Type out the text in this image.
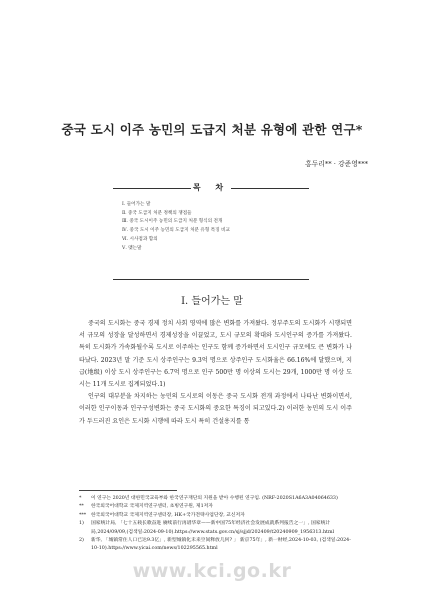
중국 도시 이주 농민의 도급지 처분 유형에 관한 연구*
홍두리** · 강준영***
목 차
Ⅰ. 들어가는 말
Ⅱ. 중국 도급지 처분 정책의 쟁점들
Ⅲ. 중국 도시이주 농민의 도급지 처분 형식의 전개
Ⅳ. 중국 도시 이주 농민의 도급지 처분 유형 특징 비교
Ⅵ. 시사점과 함의
Ⅴ. 맺는말
Ⅰ. 들어가는 말

중국의 도시화는 중국 경제 정치 사회 영역에 많은 변화를 가져왔다. 정부주도의 도시화가 시행되면서 규모의 성장을 달성하면서 경제성장을 이끌었고, 도시 규모의 확대와 도시인구의 증가를 가져왔다. 특히 도시화가 가속화될수록 도시로 이주하는 인구도 함께 증가하면서 도시인구 규모에도 큰 변화가 나타났다. 2023년 말 기준 도시 상주인구는 9.3억 명으로 상주인구 도시화율은 66.16%에 달했으며, 지급(地级) 이상 도시 상주인구는 6.7억 명으로 인구 500만 명 이상의 도시는 29개, 1000만 명 이상 도시는 11개 도시로 집계되었다.1)

인구의 대부분을 차지하는 농민의 도시로의 이동은 중국 도시화 전개 과정에서 나타난 변화이면서, 이러한 인구이동과 인구구성변화는 중국 도시화의 중요한 특징이 되고있다.2) 이러한 농민의 도시 이주가 두드러진 요인은 도시화 시행에 따라 도시 특히 건설용지를 통

*	이 연구는 2020년 대한민국교육부와 한국연구재단의 지원을 받아 수행된 연구임. (NRF-2020S1A6A3A04064633)
**	한국외국어대학교 국제지역연구센터, 초빙연구원, 제1저자
*** 한국외국어대학교 국제지역연구센터장, HK+국가전략사업단장, 교신저자
1)	国家统计局, 「七十五载长歌奋进 赓续前行再谱华章——新中国75年经济社会发展成就系列报告之一」, 国家统计局,2024/09/09,(검색일:2024-09-10).https://www.stats.gov.cn/sj/sjjd/202409/t20240909_1956313.html
2)	新华, 「城镇常住人口已达9.3亿」, 新型城镇化未来空间释放几何? 」 新京75年」, 新一财经,2024-10-03, (검색일:2024-10-10).https://www.yicai.com/news/102295565.html
www.kci.go.kr
